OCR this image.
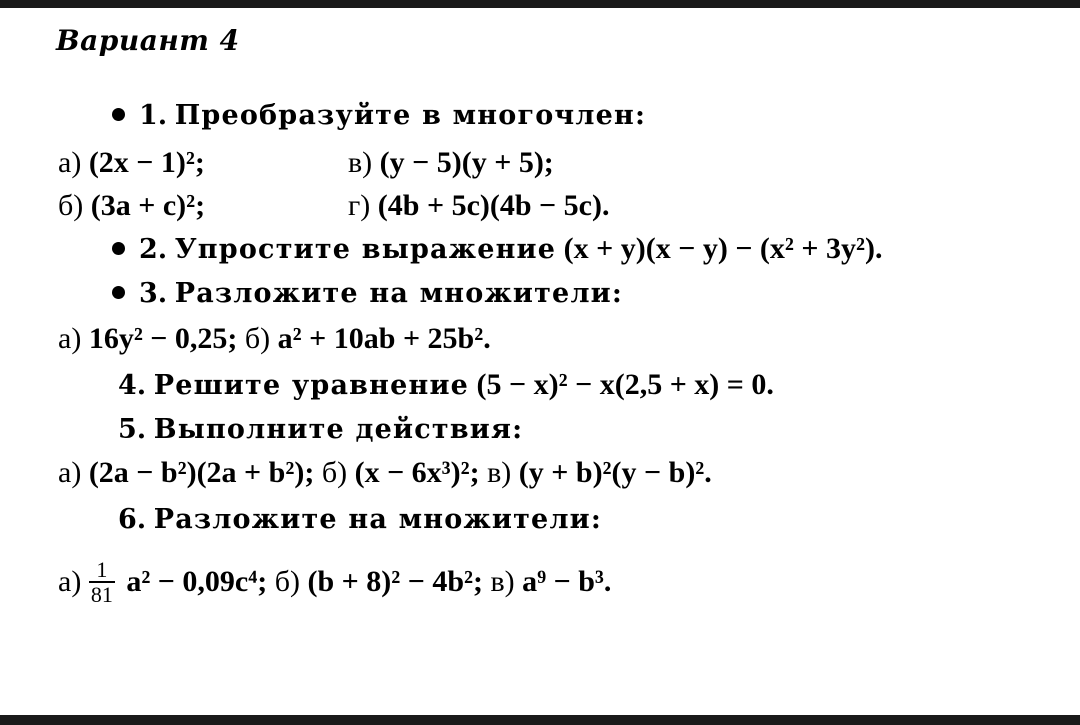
Вариант 4
1. Преобразуйте в многочлен:
а) (2x − 1)²;	в) (y − 5)(y + 5);
б) (3a + c)²;	г) (4b + 5c)(4b − 5c).
2. Упростите выражение (x + y)(x − y) − (x² + 3y²).
3. Разложите на множители:
а) 16y² − 0,25; б) a² + 10ab + 25b².
4. Решите уравнение (5 − x)² − x(2,5 + x) = 0.
5. Выполните действия:
а) (2a − b²)(2a + b²); б) (x − 6x³)²; в) (y + b)²(y − b)².
6. Разложите на множители:
$а) \frac{1}{81} a^2 - 0,09c^4$; б) (b + 8)² − 4b²; в) a⁹ − b³.
